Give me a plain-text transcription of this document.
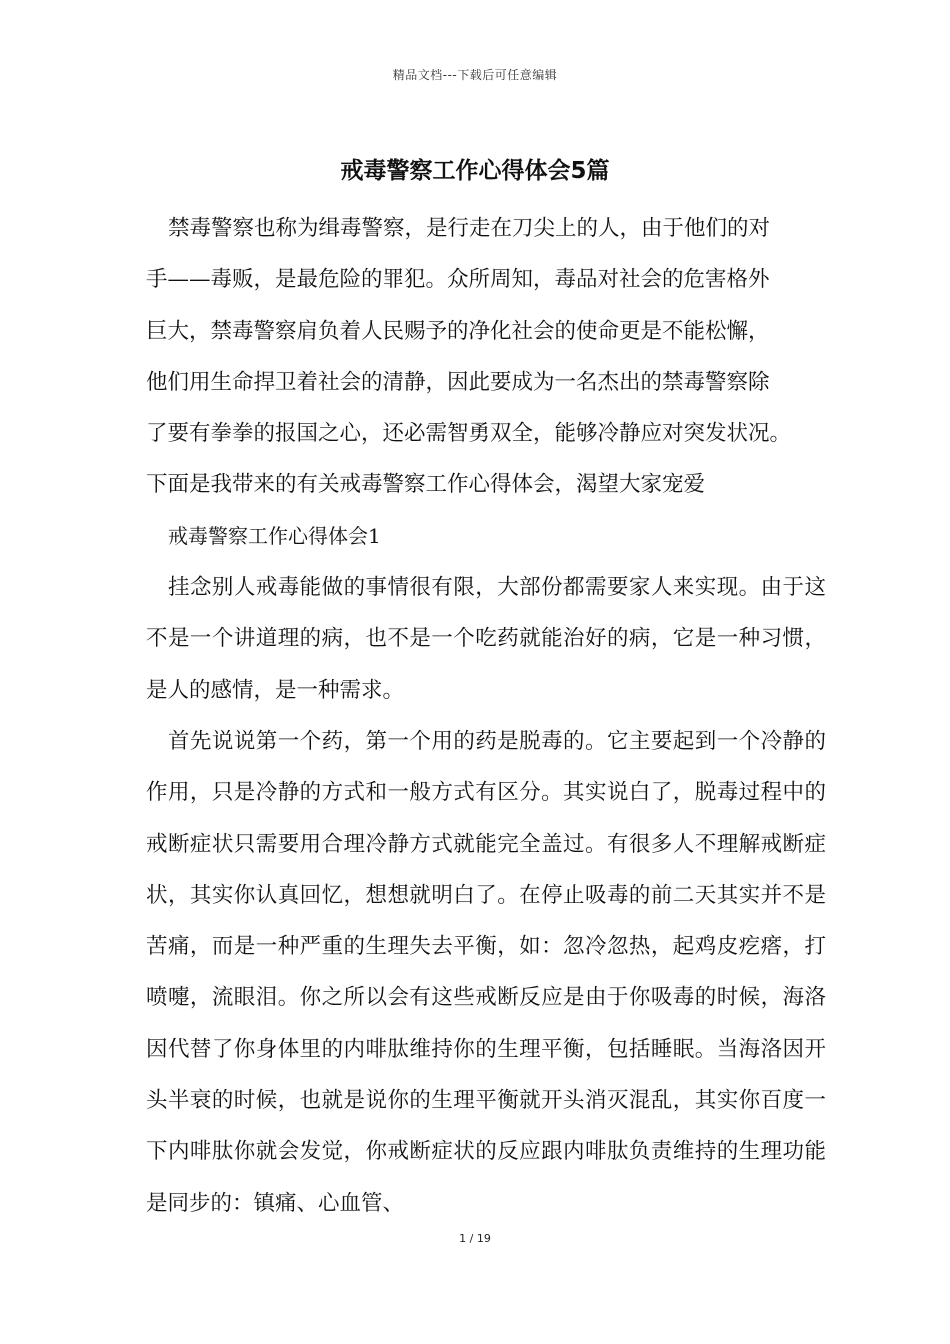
精品文档---下载后可任意编辑
戒毒警察工作心得体会5篇

禁毒警察也称为缉毒警察，是行走在刀尖上的人，由于他们的对
手——毒贩，是最危险的罪犯。众所周知，毒品对社会的危害格外
巨大，禁毒警察肩负着人民赐予的净化社会的使命更是不能松懈，
他们用生命捍卫着社会的清静，因此要成为一名杰出的禁毒警察除
了要有拳拳的报国之心，还必需智勇双全，能够冷静应对突发状况。
下面是我带来的有关戒毒警察工作心得体会，渴望大家宠爱

戒毒警察工作心得体会1

挂念别人戒毒能做的事情很有限，大部份都需要家人来实现。由于这不是一个讲道理的病，也不是一个吃药就能治好的病，它是一种习惯，是人的感情，是一种需求。

首先说说第一个药，第一个用的药是脱毒的。它主要起到一个冷静的作用，只是冷静的方式和一般方式有区分。其实说白了，脱毒过程中的戒断症状只需要用合理冷静方式就能完全盖过。有很多人不理解戒断症状，其实你认真回忆，想想就明白了。在停止吸毒的前二天其实并不是苦痛，而是一种严重的生理失去平衡，如：忽冷忽热，起鸡皮疙瘩，打喷嚏，流眼泪。你之所以会有这些戒断反应是由于你吸毒的时候，海洛因代替了你身体里的内啡肽维持你的生理平衡，包括睡眠。当海洛因开头半衰的时候，也就是说你的生理平衡就开头消灭混乱，其实你百度一下内啡肽你就会发觉，你戒断症状的反应跟内啡肽负责维持的生理功能是同步的：镇痛、心血管、

1 / 19
